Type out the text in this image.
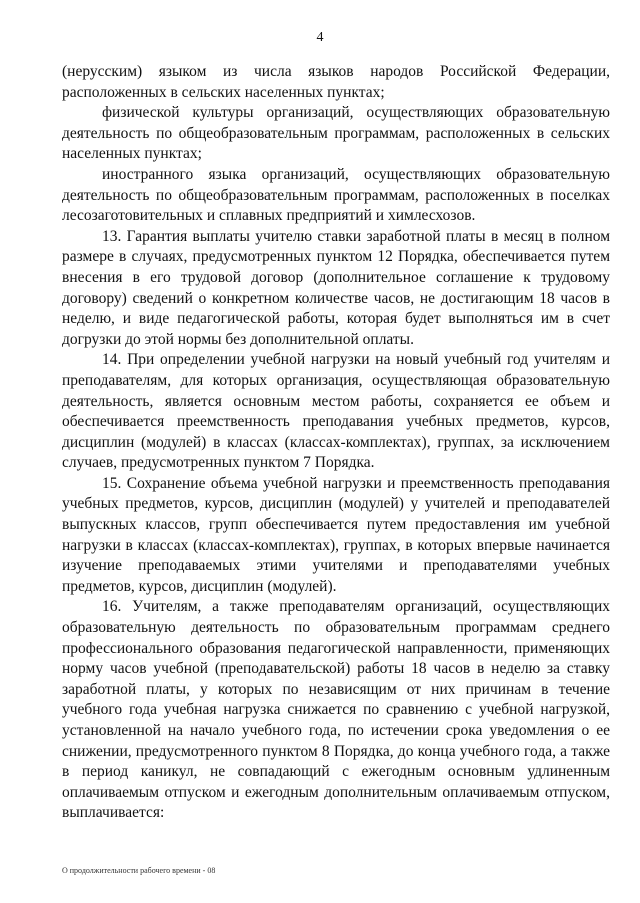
4

(нерусским) языком из числа языков народов Российской Федерации, расположенных в сельских населенных пунктах;

физической культуры организаций, осуществляющих образовательную деятельность по общеобразовательным программам, расположенных в сельских населенных пунктах;

иностранного языка организаций, осуществляющих образовательную деятельность по общеобразовательным программам, расположенных в поселках лесозаготовительных и сплавных предприятий и химлесхозов.

13. Гарантия выплаты учителю ставки заработной платы в месяц в полном размере в случаях, предусмотренных пунктом 12 Порядка, обеспечивается путем внесения в его трудовой договор (дополнительное соглашение к трудовому договору) сведений о конкретном количестве часов, не достигающим 18 часов в неделю, и виде педагогической работы, которая будет выполняться им в счет догрузки до этой нормы без дополнительной оплаты.

14. При определении учебной нагрузки на новый учебный год учителям и преподавателям, для которых организация, осуществляющая образовательную деятельность, является основным местом работы, сохраняется ее объем и обеспечивается преемственность преподавания учебных предметов, курсов, дисциплин (модулей) в классах (классах-комплектах), группах, за исключением случаев, предусмотренных пунктом 7 Порядка.

15. Сохранение объема учебной нагрузки и преемственность преподавания учебных предметов, курсов, дисциплин (модулей) у учителей и преподавателей выпускных классов, групп обеспечивается путем предоставления им учебной нагрузки в классах (классах-комплектах), группах, в которых впервые начинается изучение преподаваемых этими учителями и преподавателями учебных предметов, курсов, дисциплин (модулей).

16. Учителям, а также преподавателям организаций, осуществляющих образовательную деятельность по образовательным программам среднего профессионального образования педагогической направленности, применяющих норму часов учебной (преподавательской) работы 18 часов в неделю за ставку заработной платы, у которых по независящим от них причинам в течение учебного года учебная нагрузка снижается по сравнению с учебной нагрузкой, установленной на начало учебного года, по истечении срока уведомления о ее снижении, предусмотренного пунктом 8 Порядка, до конца учебного года, а также в период каникул, не совпадающий с ежегодным основным удлиненным оплачиваемым отпуском и ежегодным дополнительным оплачиваемым отпуском, выплачивается:

О продолжительности рабочего времени - 08
